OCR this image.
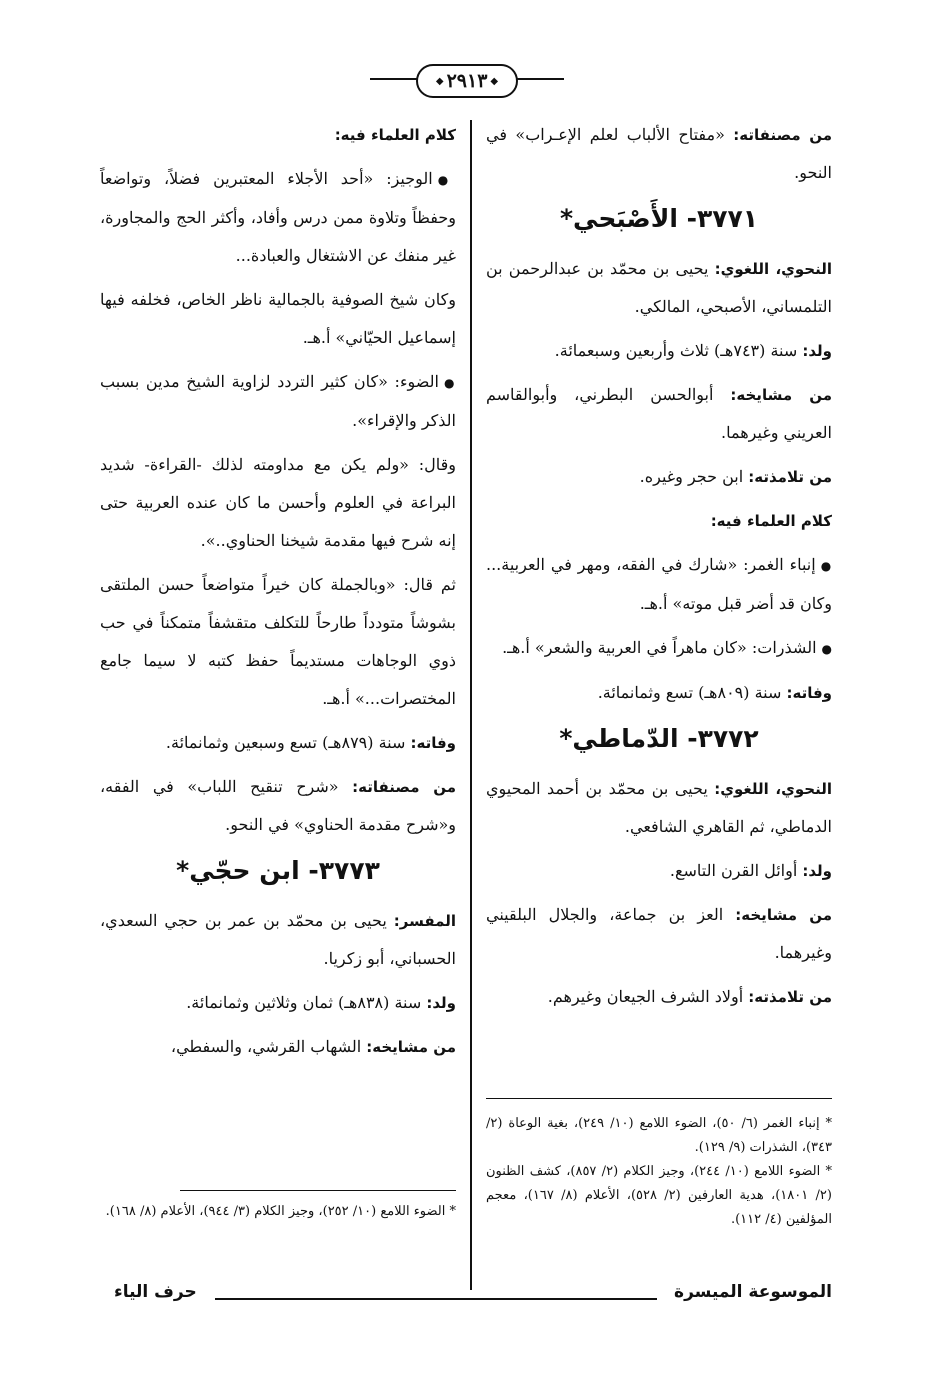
◆٢٩١٣◆

من مصنفاته: «مفتاح الألباب لعلم الإعـراب» في النحو.

٣٧٧١- الأَصْبَحي*

النحوي، اللغوي: يحيى بن محمّد بن عبدالرحمن بن التلمساني، الأصبحي، المالكي.

ولد: سنة (٧٤٣هـ) ثلاث وأربعين وسبعمائة.

من مشايخه: أبوالحسن البطرني، وأبوالقاسم العريني وغيرهما.

من تلامذته: ابن حجر وغيره.

كلام العلماء فيه:

●إنباء الغمر: «شارك في الفقه، ومهر في العربية... وكان قد أضر قبل موته» أ.هـ.

●الشذرات: «كان ماهراً في العربية والشعر» أ.هـ.

وفاته: سنة (٨٠٩هـ) تسع وثمانمائة.

٣٧٧٢- الدّماطي*

النحوي، اللغوي: يحيى بن محمّد بن أحمد المحيوي الدماطي، ثم القاهري الشافعي.

ولد: أوائل القرن التاسع.

من مشايخه: العز بن جماعة، والجلال البلقيني وغيرهما.

من تلامذته: أولاد الشرف الجيعان وغيرهم.

* إنباء الغمر (٦/ ٥٠)، الضوء اللامع (١٠/ ٢٤٩)، بغية الوعاة (٢/ ٣٤٣)، الشذرات (٩/ ١٢٩).
* الضوء اللامع (١٠/ ٢٤٤)، وجيز الكلام (٢/ ٨٥٧)، كشف الظنون (٢/ ١٨٠١)، هدية العارفين (٢/ ٥٢٨)، الأعلام (٨/ ١٦٧)، معجم المؤلفين (٤/ ١١٢).

كلام العلماء فيه:

●الوجيز: «أحد الأجلاء المعتبرين فضلاً، وتواضعاً وحفظاً وتلاوة ممن درس وأفاد، وأكثر الحج والمجاورة، غير منفك عن الاشتغال والعبادة...

وكان شيخ الصوفية بالجمالية ناظر الخاص، فخلفه فيها إسماعيل الحيّاني» أ.هـ.

●الضوء: «كان كثير التردد لزاوية الشيخ مدين بسبب الذكر والإقراء».

وقال: «ولم يكن مع مداومته لذلك -القراءة- شديد البراعة في العلوم وأحسن ما كان عنده العربية حتى إنه شرح فيها مقدمة شيخنا الحناوي..».

ثم قال: «وبالجملة كان خيراً متواضعاً حسن الملتقى بشوشاً متودداً طارحاً للتكلف متقشفاً متمكناً في حب ذوي الوجاهات مستديماً حفظ كتبه لا سيما جامع المختصرات...» أ.هـ.

وفاته: سنة (٨٧٩هـ) تسع وسبعين وثمانمائة.

من مصنفاته: «شرح تنقيح اللباب» في الفقه، و«شرح مقدمة الحناوي» في النحو.

٣٧٧٣- ابن حجّي*

المفسر: يحيى بن محمّد بن عمر بن حجي السعدي، الحسباني، أبو زكريا.

ولد: سنة (٨٣٨هـ) ثمان وثلاثين وثمانمائة.

من مشايخه: الشهاب القرشي، والسفطي،

* الضوء اللامع (١٠/ ٢٥٢)، وجيز الكلام (٣/ ٩٤٤)، الأعلام (٨/ ١٦٨).
الموسوعة الميسرة
حرف الياء
